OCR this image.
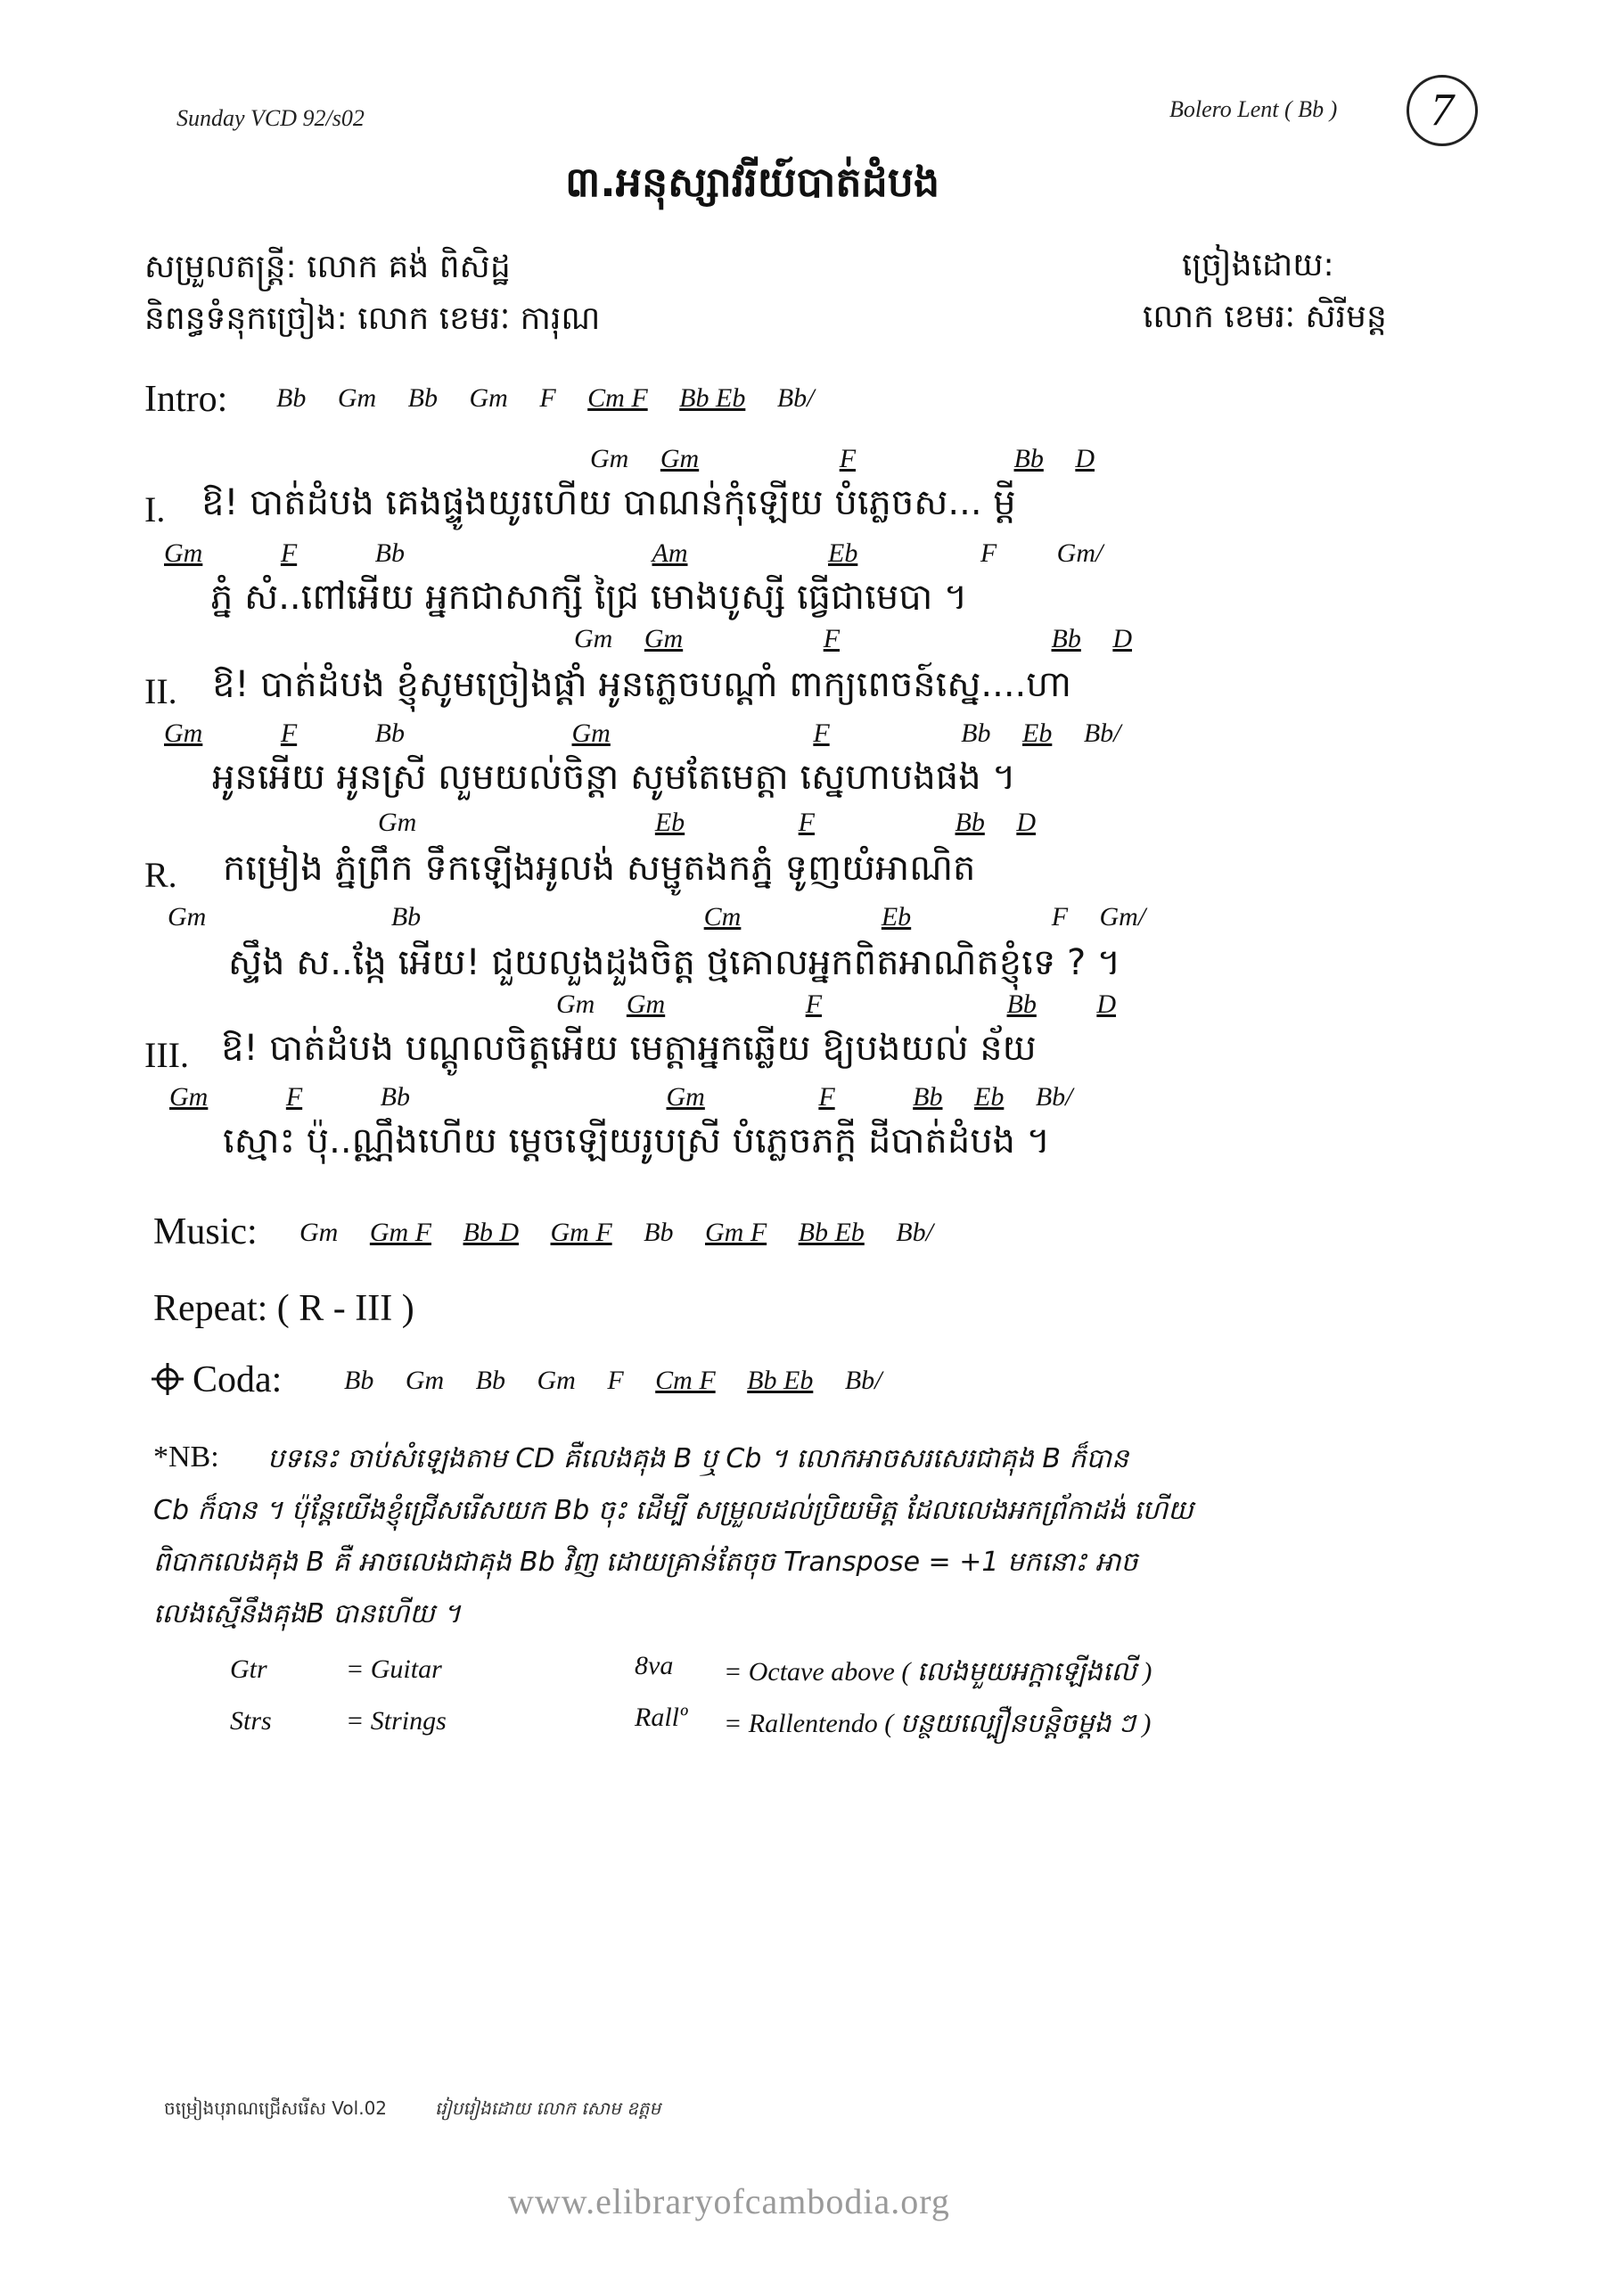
Sunday VCD 92/s02	Bolero Lent ( Bb )	7
៣.អនុស្សាវរីយ៍បាត់ដំបង
សម្រួលតន្ត្រី: លោក គង់ ពិសិដ្ឋ
និពន្ធទំនុកច្រៀង: លោក ខេមរៈ ការុណ
ច្រៀងដោយ:
លោក ខេមរៈ សិរីមន្ត
Intro: Bb Gm Bb Gm F Cm F Bb Eb Bb/
Gm Gm	F	Bb D
I. ឱ! បាត់ដំបង គេងផ្ទូងយូរហើយ បាណន់កុំឡើយ បំភ្លេចស... ម្ដី
Gm	F	Bb	Am	Eb	F Gm/
ភ្នំ សំ..ពៅអើយ អ្នកជាសាក្សី ជ្រៃ មោងបូស្សី ធ្វើជាមេបា ។
Gm Gm	F	Bb D
II. ឱ! បាត់ដំបង ខ្ញុំសូមច្រៀងផ្ដាំ អូនភ្លេចបណ្ដាំ ពាក្យពេចន៍ស្នេ....ហា
Gm	F	Bb	Gm	F	Bb Eb Bb/
អូនអើយ អូនស្រី លួមយល់ចិន្ដា សូមតែមេត្ដា ស្នេហាបងផង ។
Gm	Eb	F	Bb D
R. កម្រៀង ភ្នំព្រឹក ទឹកឡើងអូលង់ សម្ផូតងកភ្នំ ទូញយំអាណិត
Gm	Bb	Cm	Eb	F Gm/
ស្ទឹង ស..ង្កែ អើយ! ជួយលួងដួងចិត្ត ថ្មគោលអ្នកពិតអាណិតខ្ញុំទេ ? ។
Gm Gm	F	Bb D
III. ឱ! បាត់ដំបង បណ្ដូលចិត្តអើយ មេត្ដាអ្នកឆ្លើយ ឱ្យបងយល់ ន័យ
Gm	F	Bb	Gm	F	Bb Eb Bb/
ស្មោះ ប៉ុ..ណ្ណឹងហើយ ម្ដេចឡើយរូបស្រី បំភ្លេចភក្ដី ដីបាត់ដំបង ។
Music: Gm Gm F Bb D Gm F Bb Gm F Bb Eb Bb/
Repeat: ( R - III )
Coda: Bb Gm Bb Gm F Cm F Bb Eb Bb/
*NB: បទនេះ ចាប់សំឡេងតាម CD គឺលេងគុង B ឬ Cb ។ លោកអាចសរសេរជាគុង B ក៏បាន
Cb ក៏បាន ។ ប៉ុន្ដែយើងខ្ញុំជ្រើសរើសយក Bb ចុះ ដើម្បី សម្រួលដល់ប្រិយមិត្ត ដែលលេងអកព្រ័កាដង់ ហើយ
ពិបាកលេងគុង B គឺ អាចលេងជាគុង Bb វិញ ដោយគ្រាន់តែចុច Transpose = +1 មកនោះ អាច
លេងស្មើនឹងគុងB បានហើយ ។
Gtr	= Guitar	8va = Octave above ( លេងមួយអក្ដាឡើងលើ )
Strs	= Strings	Rallº = Rallentendo ( បន្ថយល្បឿនបន្ដិចម្ដង ៗ )
ចម្រៀងបុរាណជ្រើសរើស Vol.02	រៀបរៀងដោយ លោក សោម ឧត្ដម
www.elibraryofcambodia.org
